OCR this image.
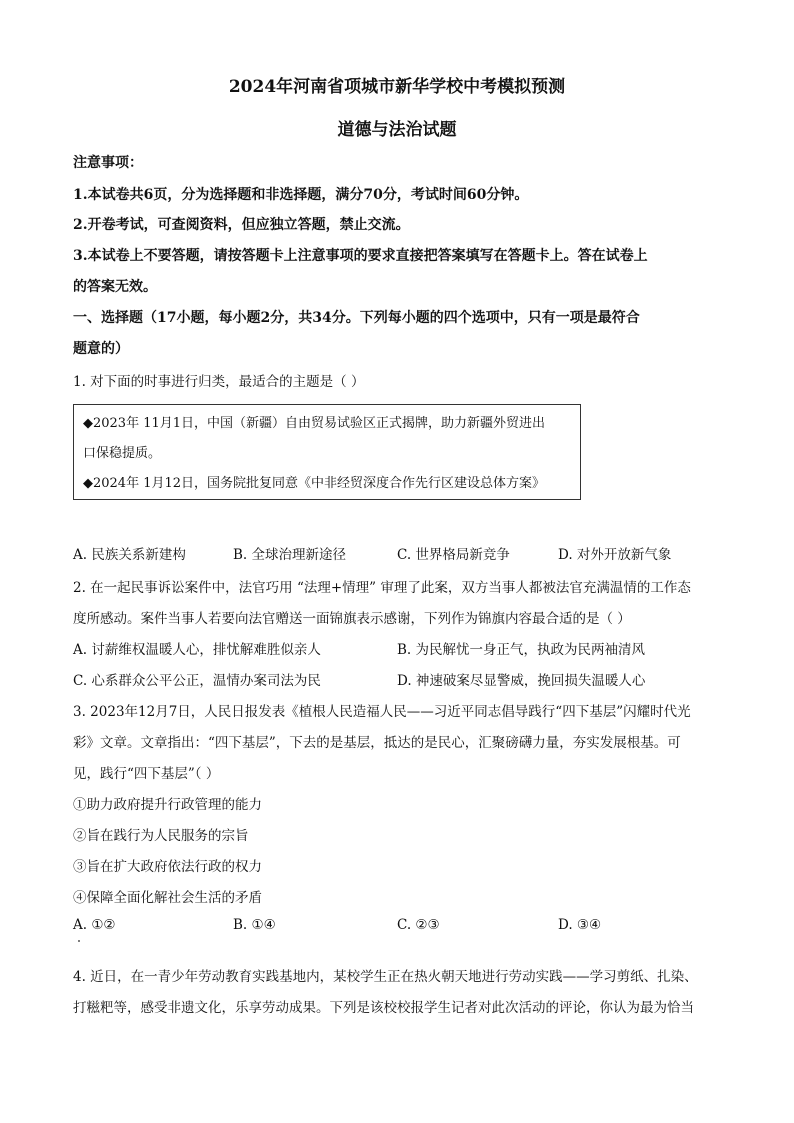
2024年河南省项城市新华学校中考模拟预测
道德与法治试题
注意事项：
1.本试卷共6页，分为选择题和非选择题，满分70分，考试时间60分钟。
2.开卷考试，可查阅资料，但应独立答题，禁止交流。
3.本试卷上不要答题，请按答题卡上注意事项的要求直接把答案填写在答题卡上。答在试卷上
的答案无效。
一、选择题（17小题，每小题2分，共34分。下列每小题的四个选项中，只有一项是最符合
题意的）
1. 对下面的时事进行归类，最适合的主题是（ ）
◆2023年 11月1日，中国（新疆）自由贸易试验区正式揭牌，助力新疆外贸进出
口保稳提质。
◆2024年 1月12日，国务院批复同意《中非经贸深度合作先行区建设总体方案》
A. 民族关系新建构	B. 全球治理新途径	C. 世界格局新竞争	D. 对外开放新气象
2. 在一起民事诉讼案件中，法官巧用 “法理+情理” 审理了此案，双方当事人都被法官充满温情的工作态
度所感动。案件当事人若要向法官赠送一面锦旗表示感谢，下列作为锦旗内容最合适的是（ ）
A. 讨薪维权温暖人心，排忧解难胜似亲人	B. 为民解忧一身正气，执政为民两袖清风
C. 心系群众公平公正，温情办案司法为民	D. 神速破案尽显警威，挽回损失温暖人心
3. 2023年12月7日，人民日报发表《植根人民造福人民——习近平同志倡导践行“四下基层”闪耀时代光
彩》文章。文章指出：“四下基层”，下去的是基层，抵达的是民心，汇聚磅礴力量，夯实发展根基。可
见，践行“四下基层”（ ）
①助力政府提升行政管理的能力
②旨在践行为人民服务的宗旨
③旨在扩大政府依法行政的权力
④保障全面化解社会生活的矛盾
A. ①②	B. ①④	C. ②③	D. ③④
4. 近日，在一青少年劳动教育实践基地内，某校学生正在热火朝天地进行劳动实践——学习剪纸、扎染、
打糍粑等，感受非遗文化，乐享劳动成果。下列是该校校报学生记者对此次活动的评论，你认为最为恰当
